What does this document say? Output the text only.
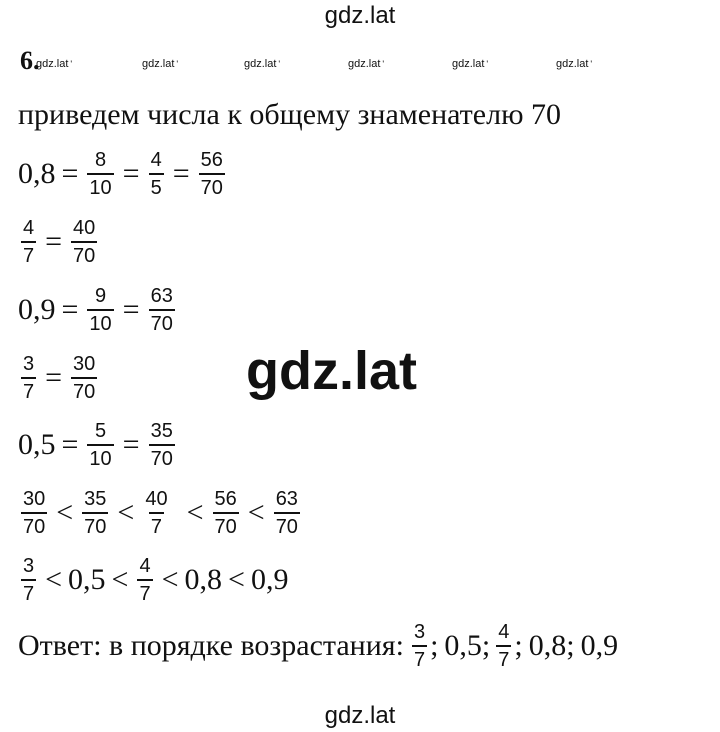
gdz.lat
gdz.lat '	gdz.lat '	gdz.lat '	gdz.lat '	gdz.lat '	gdz.lat '
gdz.lat
gdz.lat
6.
приведем числа к общему знаменателю 70
$0,8 = \frac{8}{10} = \frac{4}{5} = \frac{56}{70}$
$\frac{4}{7} = \frac{40}{70}$
$0,9 = \frac{9}{10} = \frac{63}{70}$
$\frac{3}{7} = \frac{30}{70}$
$0,5 = \frac{5}{10} = \frac{35}{70}$
$\frac{30}{70} < \frac{35}{70} < \frac{40}{7} < \frac{56}{70} < \frac{63}{70}$
$\frac{3}{7} < 0,5 < \frac{4}{7} < 0,8 < 0,9$
Ответ: в порядке возрастания: $\frac{3}{7}$ ; 0,5; $\frac{4}{7}$ ; 0,8; 0,9
